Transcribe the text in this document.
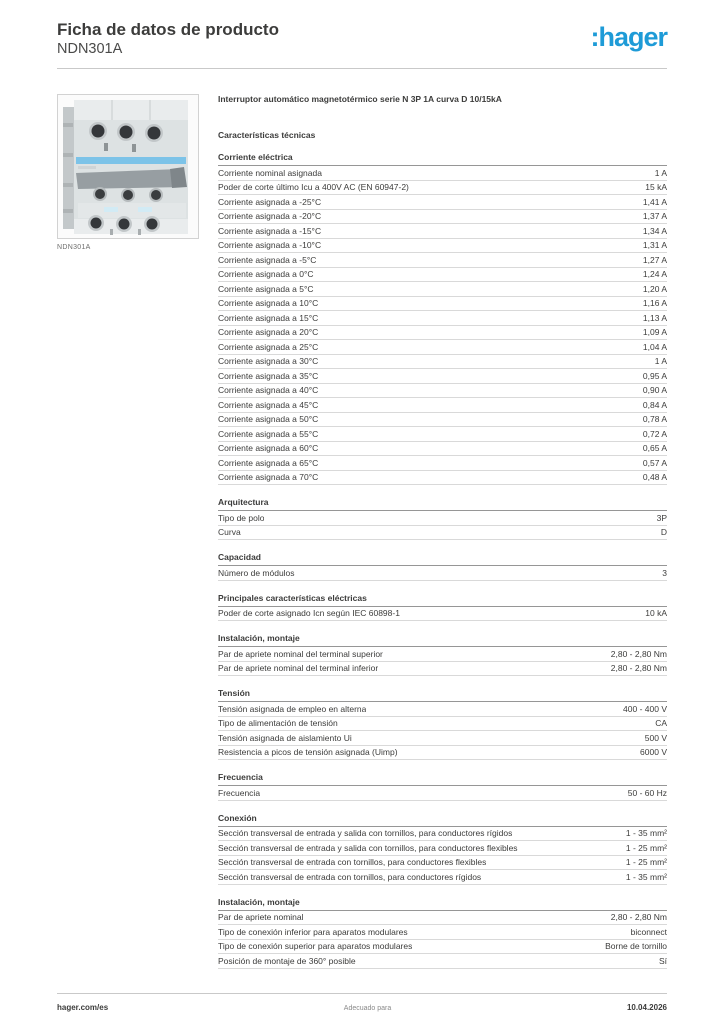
Ficha de datos de producto
NDN301A	:hager
NDN301A
Interruptor automático magnetotérmico serie N 3P 1A curva D 10/15kA
Características técnicas
Corriente eléctrica
Corriente nominal asignada	1 A
Poder de corte último Icu a 400V AC (EN 60947-2)	15 kA
Corriente asignada a -25°C	1,41 A
Corriente asignada a -20°C	1,37 A
Corriente asignada a -15°C	1,34 A
Corriente asignada a -10°C	1,31 A
Corriente asignada a -5°C	1,27 A
Corriente asignada a 0°C	1,24 A
Corriente asignada a 5°C	1,20 A
Corriente asignada a 10°C	1,16 A
Corriente asignada a 15°C	1,13 A
Corriente asignada a 20°C	1,09 A
Corriente asignada a 25°C	1,04 A
Corriente asignada a 30°C	1 A
Corriente asignada a 35°C	0,95 A
Corriente asignada a 40°C	0,90 A
Corriente asignada a 45°C	0,84 A
Corriente asignada a 50°C	0,78 A
Corriente asignada a 55°C	0,72 A
Corriente asignada a 60°C	0,65 A
Corriente asignada a 65°C	0,57 A
Corriente asignada a 70°C	0,48 A
Arquitectura
Tipo de polo	3P
Curva	D
Capacidad
Número de módulos	3
Principales características eléctricas
Poder de corte asignado Icn según IEC 60898-1	10 kA
Instalación, montaje
Par de apriete nominal del terminal superior	2,80 - 2,80 Nm
Par de apriete nominal del terminal inferior	2,80 - 2,80 Nm
Tensión
Tensión asignada de empleo en alterna	400 - 400 V
Tipo de alimentación de tensión	CA
Tensión asignada de aislamiento Ui	500 V
Resistencia a picos de tensión asignada (Uimp)	6000 V
Frecuencia
Frecuencia	50 - 60 Hz
Conexión
Sección transversal de entrada y salida con tornillos, para conductores rígidos	1 - 35 mm²
Sección transversal de entrada y salida con tornillos, para conductores flexibles	1 - 25 mm²
Sección transversal de entrada con tornillos, para conductores flexibles	1 - 25 mm²
Sección transversal de entrada con tornillos, para conductores rígidos	1 - 35 mm²
Instalación, montaje
Par de apriete nominal	2,80 - 2,80 Nm
Tipo de conexión inferior para aparatos modulares	biconnect
Tipo de conexión superior para aparatos modulares	Borne de tornillo
Posición de montaje de 360° posible	Sí
hager.com/es	Adecuado para	10.04.2026
